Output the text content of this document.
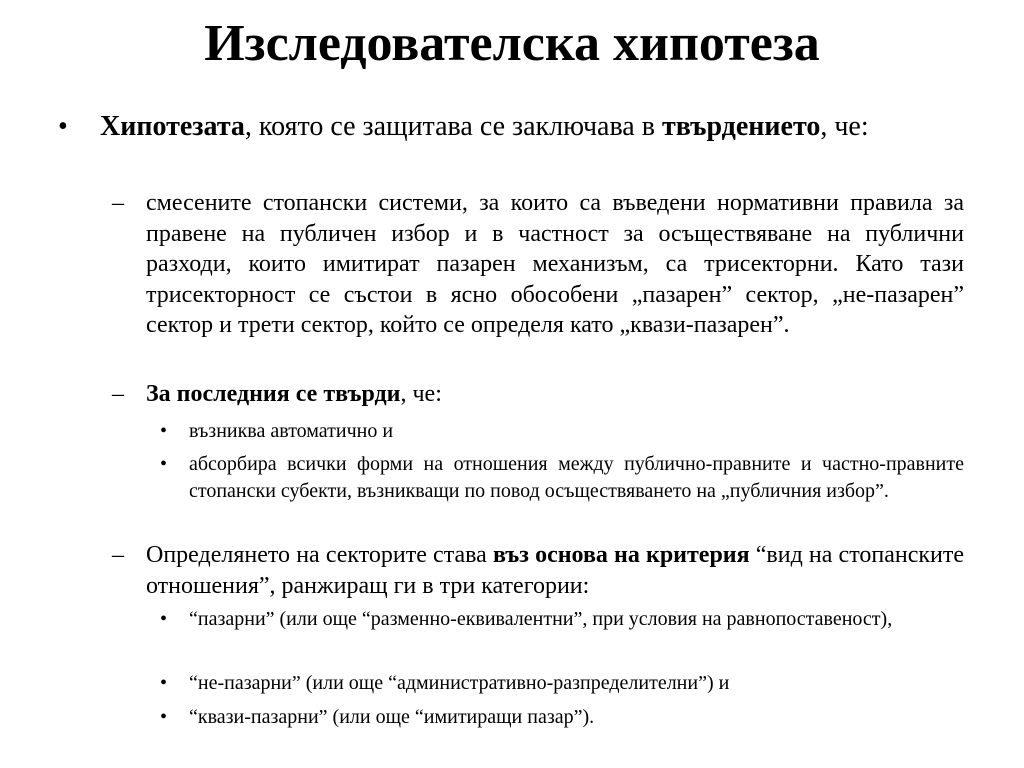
Изследователска хипотеза
• Хипотезата, която се защитава се заключава в твърдението, че:
– смесените стопански системи, за които са въведени нормативни правила за правене на публичен избор и в частност за осъществяване на публични разходи, които имитират пазарен механизъм, са трисекторни. Като тази трисекторност се състои в ясно обособени „пазарен” сектор, „не-пазарен” сектор и трети сектор, който се определя като „квази-пазарен”.
– За последния се твърди, че:
• възниква автоматично и
• абсорбира всички форми на отношения между публично-правните и частно-правните стопански субекти, възникващи по повод осъществяването на „публичния избор”.
– Определянето на секторите става въз основа на критерия “вид на стопанските отношения”, ранжиращ ги в три категории:
• “пазарни” (или още “разменно-еквивалентни”, при условия на равнопоставеност),
• “не-пазарни” (или още “административно-разпределителни”) и
• “квази-пазарни” (или още “имитиращи пазар”).
